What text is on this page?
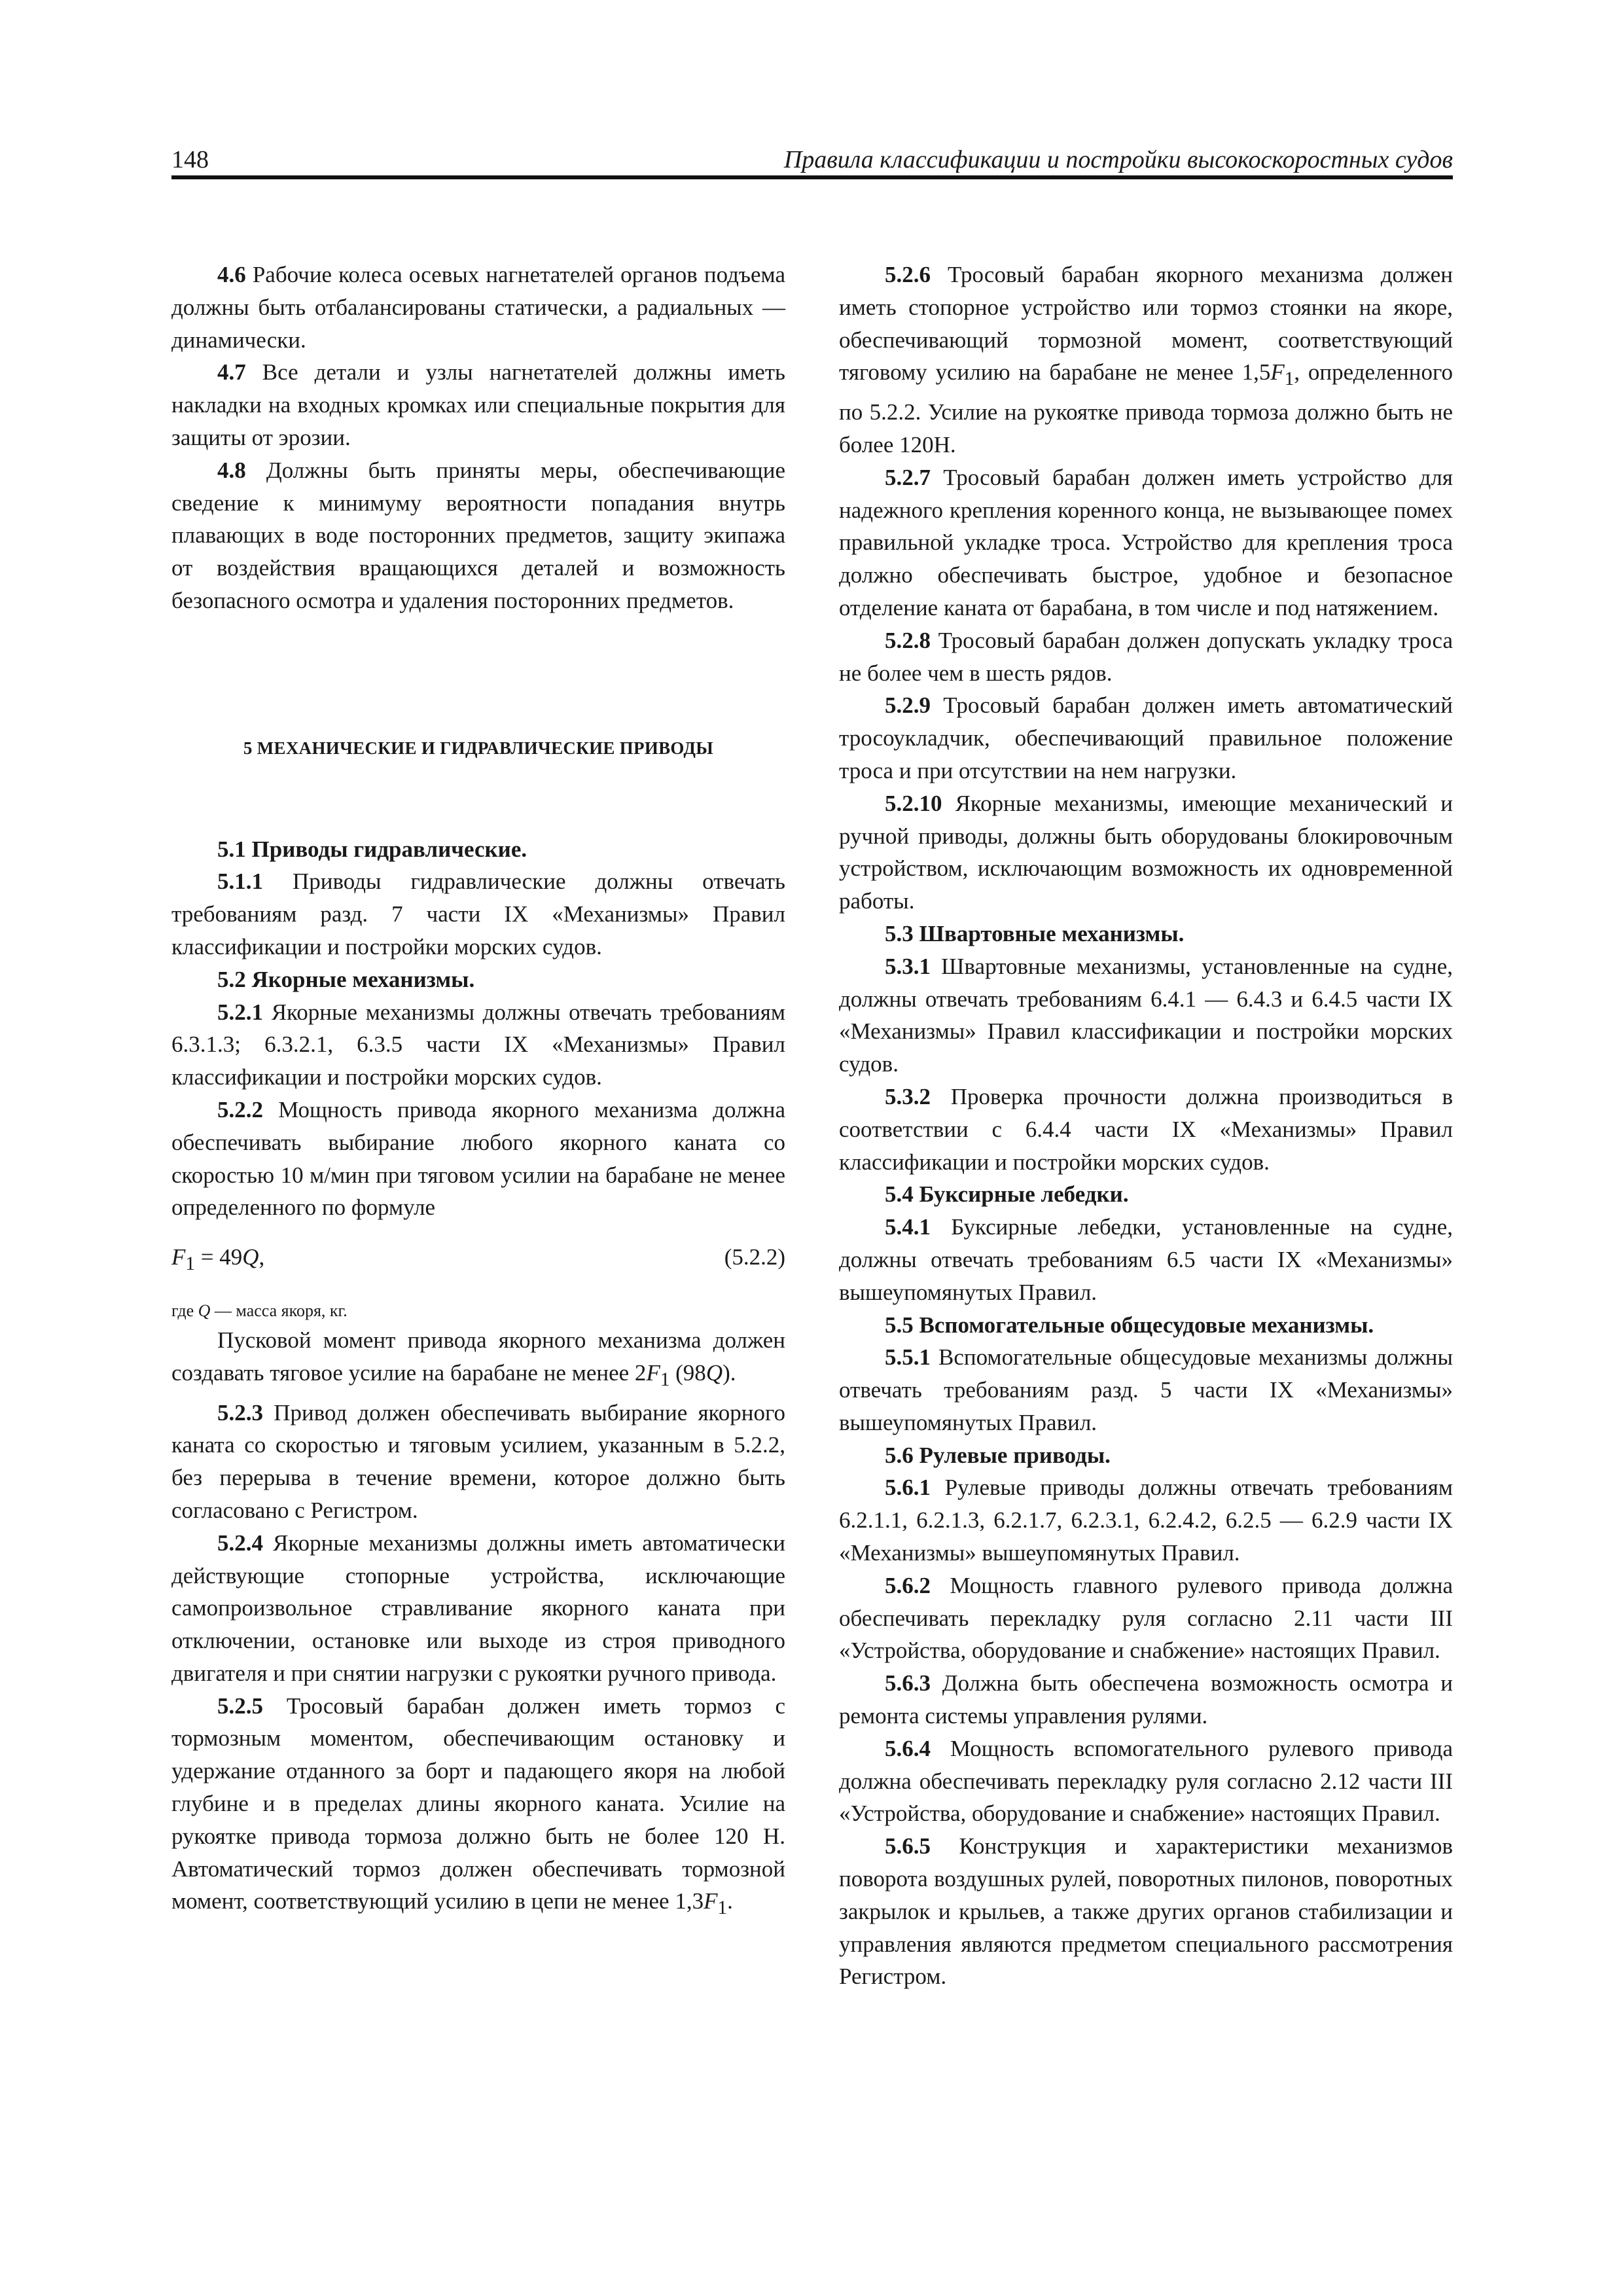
148	Правила классификации и постройки высокоскоростных судов

4.6 Рабочие колеса осевых нагнетателей органов подъема должны быть отбалансированы статически, а радиальных — динамически.

4.7 Все детали и узлы нагнетателей должны иметь накладки на входных кромках или специальные покрытия для защиты от эрозии.

4.8 Должны быть приняты меры, обеспечивающие сведение к минимуму вероятности попадания внутрь плавающих в воде посторонних предметов, защиту экипажа от воздействия вращающихся деталей и возможность безопасного осмотра и удаления посторонних предметов.

5 МЕХАНИЧЕСКИЕ И ГИДРАВЛИЧЕСКИЕ ПРИВОДЫ

5.1 Приводы гидравлические.

5.1.1 Приводы гидравлические должны отвечать требованиям разд. 7 части IX «Механизмы» Правил классификации и постройки морских судов.

5.2 Якорные механизмы.

5.2.1 Якорные механизмы должны отвечать требованиям 6.3.1.3; 6.3.2.1, 6.3.5 части IX «Механизмы» Правил классификации и постройки морских судов.

5.2.2 Мощность привода якорного механизма должна обеспечивать выбирание любого якорного каната со скоростью 10 м/мин при тяговом усилии на барабане не менее определенного по формуле

$F_1 = 49Q$,	(5.2.2)

где Q — масса якоря, кг.

Пусковой момент привода якорного механизма должен создавать тяговое усилие на барабане не менее $2F_1$ (98Q).

5.2.3 Привод должен обеспечивать выбирание якорного каната со скоростью и тяговым усилием, указанным в 5.2.2, без перерыва в течение времени, которое должно быть согласовано с Регистром.

5.2.4 Якорные механизмы должны иметь автоматически действующие стопорные устройства, исключающие самопроизвольное стравливание якорного каната при отключении, остановке или выходе из строя приводного двигателя и при снятии нагрузки с рукоятки ручного привода.

5.2.5 Тросовый барабан должен иметь тормоз с тормозным моментом, обеспечивающим остановку и удержание отданного за борт и падающего якоря на любой глубине и в пределах длины якорного каната. Усилие на рукоятке привода тормоза должно быть не более 120 Н. Автоматический тормоз должен обеспечивать тормозной момент, соответствующий усилию в цепи не менее $1,3F_1$.

5.2.6 Тросовый барабан якорного механизма должен иметь стопорное устройство или тормоз стоянки на якоре, обеспечивающий тормозной момент, соответствующий тяговому усилию на барабане не менее $1,5F_1$, определенного по 5.2.2. Усилие на рукоятке привода тормоза должно быть не более 120Н.

5.2.7 Тросовый барабан должен иметь устройство для надежного крепления коренного конца, не вызывающее помех правильной укладке троса. Устройство для крепления троса должно обеспечивать быстрое, удобное и безопасное отделение каната от барабана, в том числе и под натяжением.

5.2.8 Тросовый барабан должен допускать укладку троса не более чем в шесть рядов.

5.2.9 Тросовый барабан должен иметь автоматический тросоукладчик, обеспечивающий правильное положение троса и при отсутствии на нем нагрузки.

5.2.10 Якорные механизмы, имеющие механический и ручной приводы, должны быть оборудованы блокировочным устройством, исключающим возможность их одновременной работы.

5.3 Швартовные механизмы.

5.3.1 Швартовные механизмы, установленные на судне, должны отвечать требованиям 6.4.1 — 6.4.3 и 6.4.5 части IX «Механизмы» Правил классификации и постройки морских судов.

5.3.2 Проверка прочности должна производиться в соответствии с 6.4.4 части IX «Механизмы» Правил классификации и постройки морских судов.

5.4 Буксирные лебедки.

5.4.1 Буксирные лебедки, установленные на судне, должны отвечать требованиям 6.5 части IX «Механизмы» вышеупомянутых Правил.

5.5 Вспомогательные общесудовые механизмы.

5.5.1 Вспомогательные общесудовые механизмы должны отвечать требованиям разд. 5 части IX «Механизмы» вышеупомянутых Правил.

5.6 Рулевые приводы.

5.6.1 Рулевые приводы должны отвечать требованиям 6.2.1.1, 6.2.1.3, 6.2.1.7, 6.2.3.1, 6.2.4.2, 6.2.5 — 6.2.9 части IX «Механизмы» вышеупомянутых Правил.

5.6.2 Мощность главного рулевого привода должна обеспечивать перекладку руля согласно 2.11 части III «Устройства, оборудование и снабжение» настоящих Правил.

5.6.3 Должна быть обеспечена возможность осмотра и ремонта системы управления рулями.

5.6.4 Мощность вспомогательного рулевого привода должна обеспечивать перекладку руля согласно 2.12 части III «Устройства, оборудование и снабжение» настоящих Правил.

5.6.5 Конструкция и характеристики механизмов поворота воздушных рулей, поворотных пилонов, поворотных закрылок и крыльев, а также других органов стабилизации и управления являются предметом специального рассмотрения Регистром.
